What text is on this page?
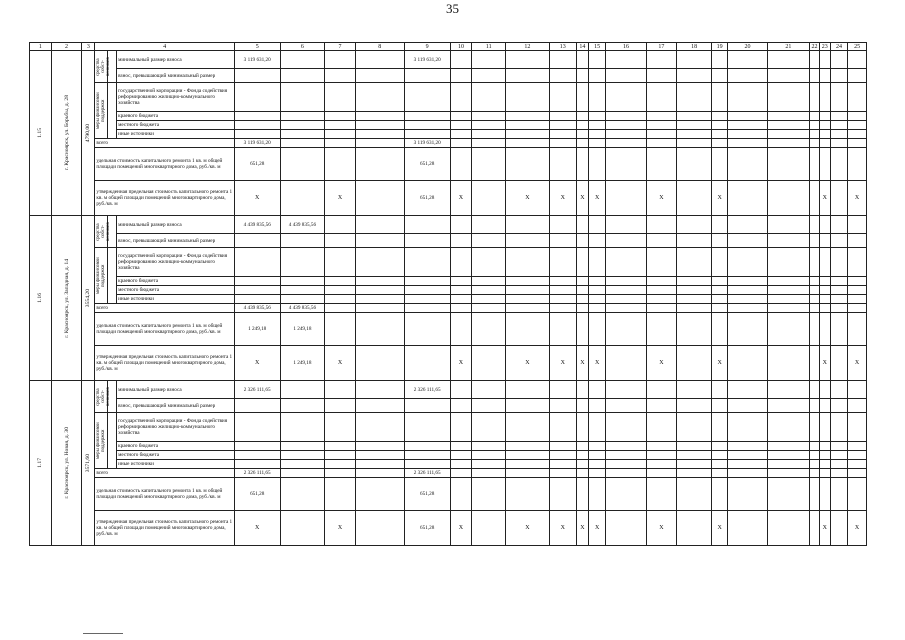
35
1	2	3	4			5	6	7	8	9	10	11	12	13	14	15	16	17	18	19	20	21	22	23	24	25

1.15	г. Красноярск, ул. Борьбы, д. 28	4790,00	средства собст-венников		минимальный размер взноса	3 119 631,20				3 119 631,20																
					взнос, превышающий минимальный размер																					

			меры финансовой поддержки		государственной корпорации - Фонда содействия реформированию жилищно-коммунального хозяйства																					
					краевого бюджета																					
					местного бюджета																					
					иные источники																					
			всего			3 119 631,20				3 119 631,20																
			удельная стоимость капитального ремонта 1 кв. м общей площади помещений многоквартирного дома, руб./кв. м			651,28				651,28																
			утвержденная предельная стоимость капитального ремонта 1 кв. м общей площади помещений многоквартирного дома, руб./кв. м			X		X		651,28	X		X	X	X	X		X		X				X		X

1.16	г. Красноярск, ул. Западная, д. 14	3554,20	средства собст-венников		минимальный размер взноса	4 439 835,56	4 439 835,56																			
					взнос, превышающий минимальный размер																					

			меры финансовой поддержки		государственной корпорации - Фонда содействия реформированию жилищно-коммунального хозяйства																					
					краевого бюджета																					
					местного бюджета																					
					иные источники																					
			всего			4 439 835,56	4 439 835,56																			
			удельная стоимость капитального ремонта 1 кв. м общей площади помещений многоквартирного дома, руб./кв. м			1 249,18	1 249,18																			
			утвержденная предельная стоимость капитального ремонта 1 кв. м общей площади помещений многоквартирного дома, руб./кв. м			X	1 249,18	X			X		X	X	X	X		X		X				X		X

1.17	г. Красноярск, ул. Новая, д. 30	3571,60	средства собст-венников		минимальный размер взноса	2 326 111,65				2 326 111,65																
					взнос, превышающий минимальный размер																					

			меры финансовой поддержки		государственной корпорации - Фонда содействия реформированию жилищно-коммунального хозяйства																					
					краевого бюджета																					
					местного бюджета																					
					иные источники																					
			всего			2 326 111,65				2 326 111,65																
			удельная стоимость капитального ремонта 1 кв. м общей площади помещений многоквартирного дома, руб./кв. м			651,28				651,28																
			утвержденная предельная стоимость капитального ремонта 1 кв. м общей площади помещений многоквартирного дома, руб./кв. м			X		X		651,28	X		X	X	X	X		X		X				X		X
